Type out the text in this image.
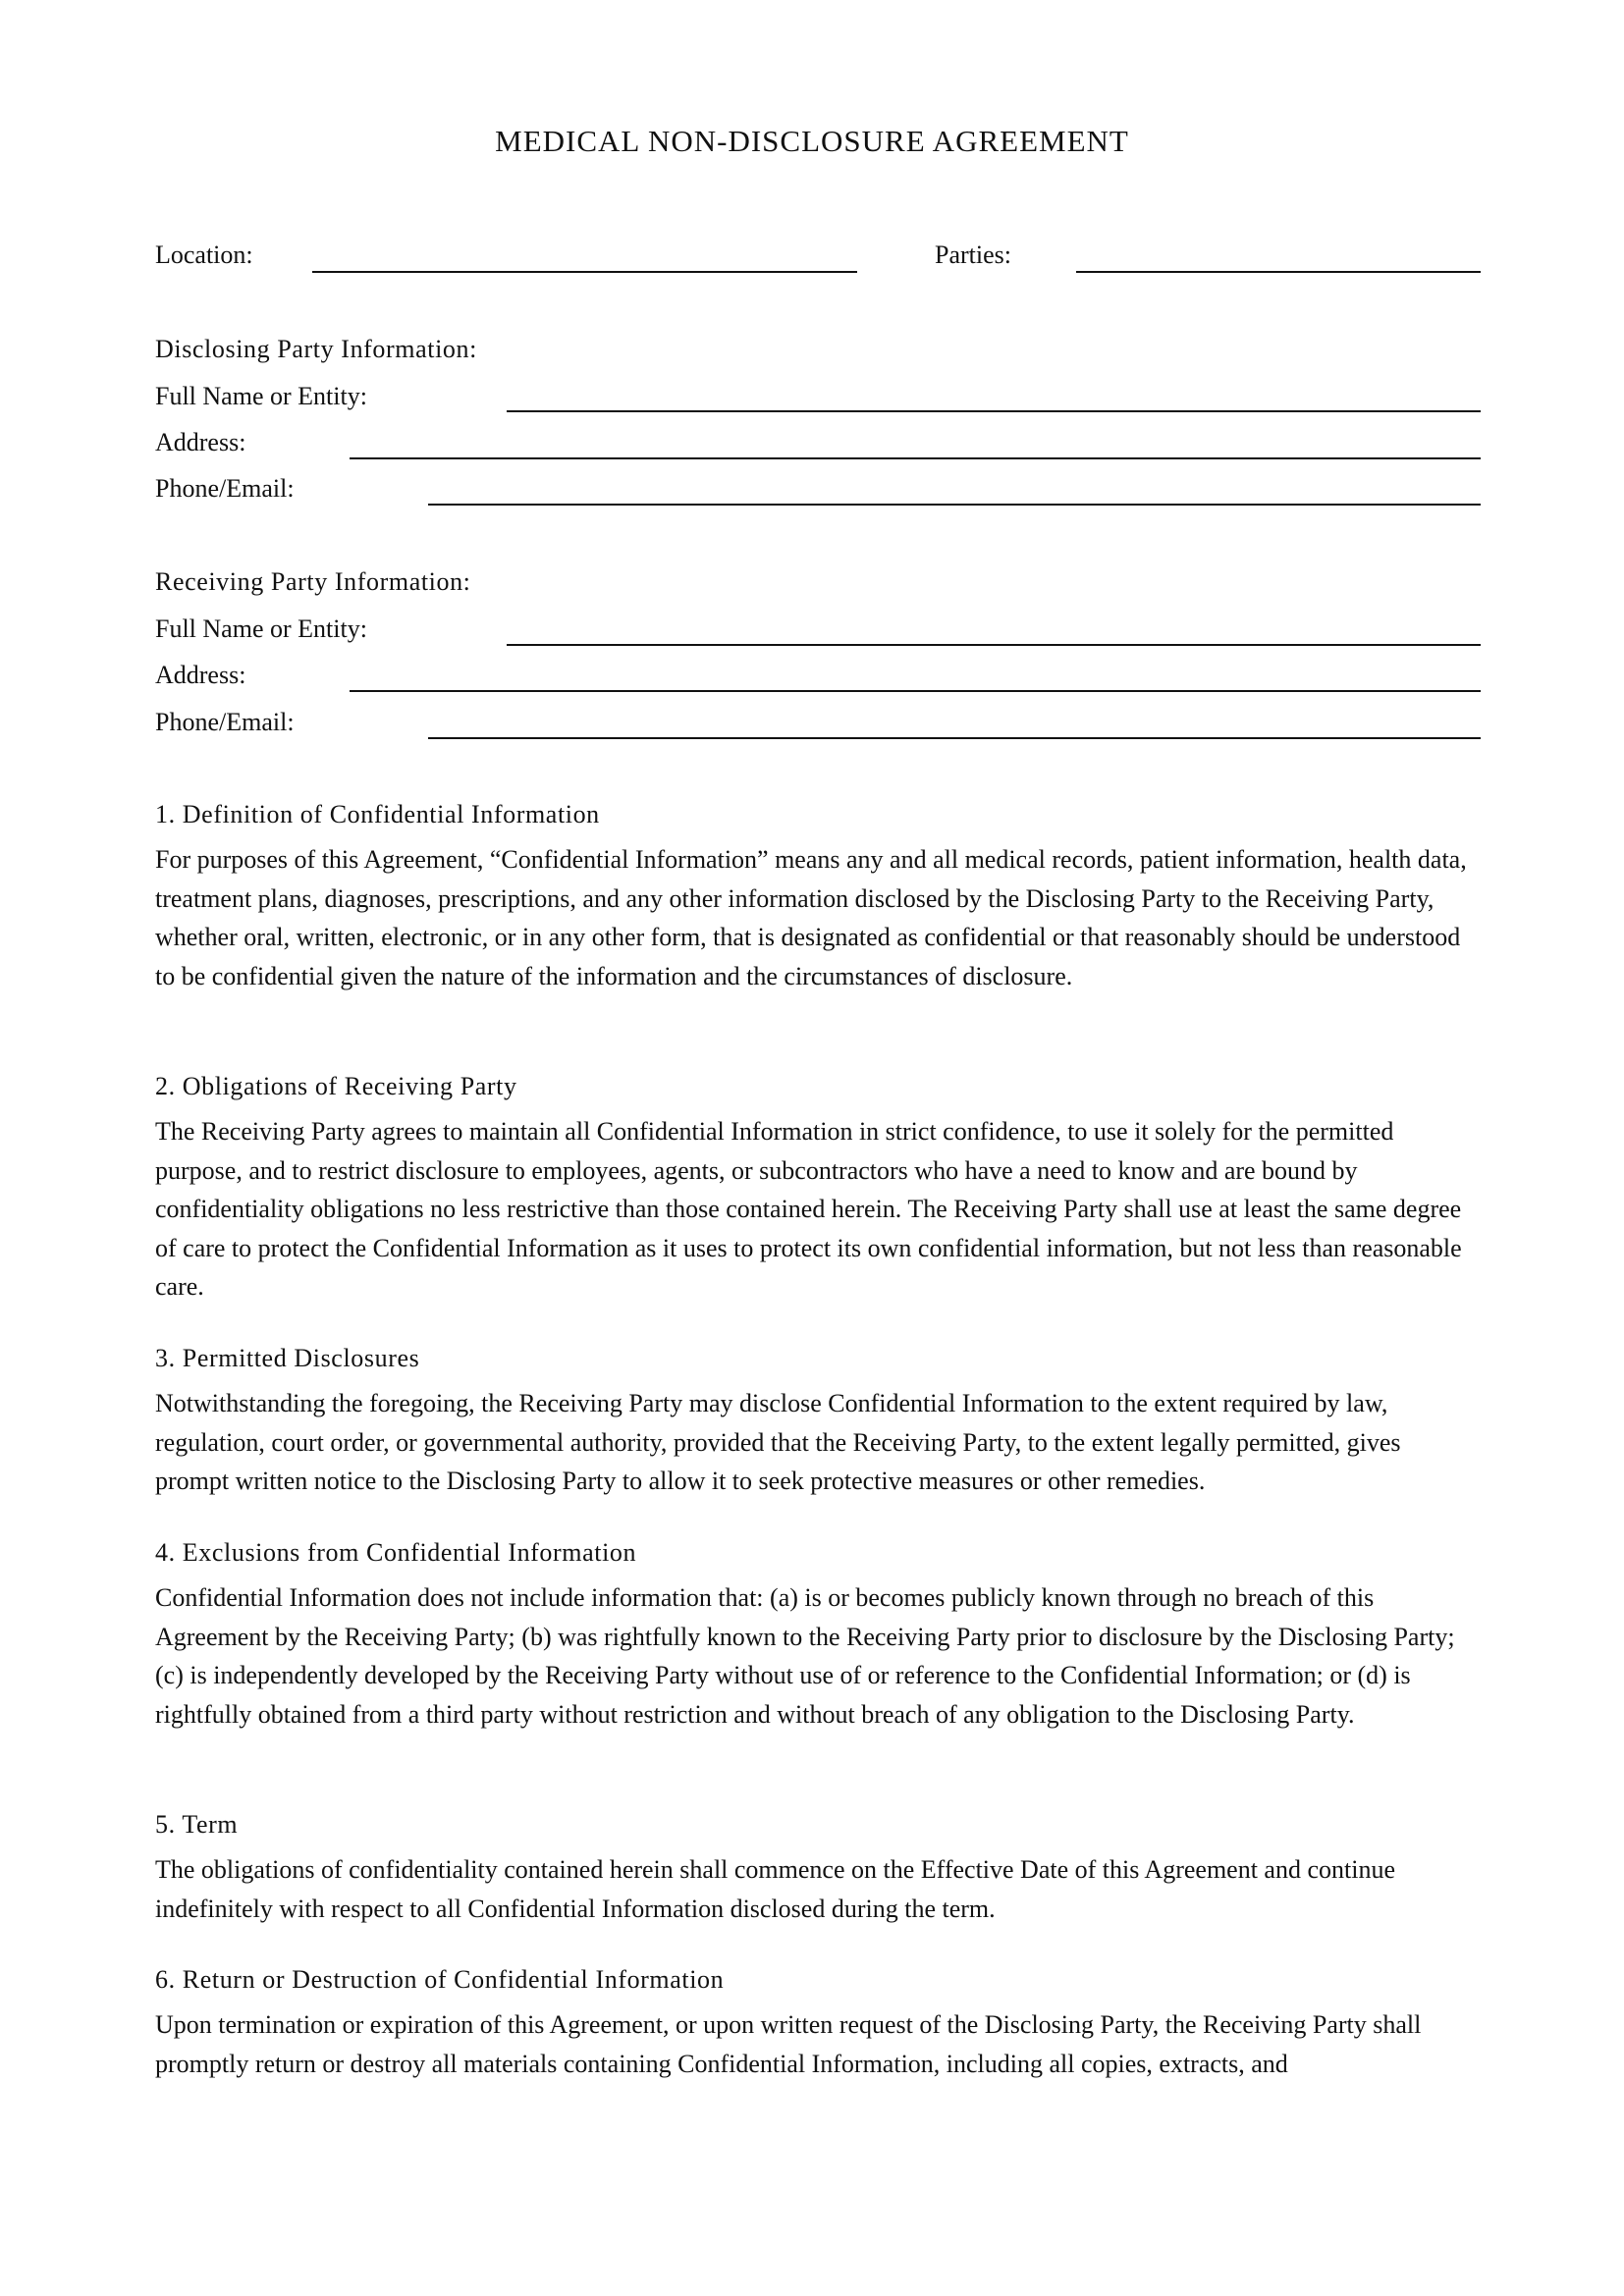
MEDICAL NON-DISCLOSURE AGREEMENT
Location:	Parties:
Disclosing Party Information:
Full Name or Entity:
Address:
Phone/Email:
Receiving Party Information:
Full Name or Entity:
Address:
Phone/Email:
1. Definition of Confidential Information

For purposes of this Agreement, “Confidential Information” means any and all medical records, patient information, health data, treatment plans, diagnoses, prescriptions, and any other information disclosed by the Disclosing Party to the Receiving Party, whether oral, written, electronic, or in any other form, that is designated as confidential or that reasonably should be understood to be confidential given the nature of the information and the circumstances of disclosure.

2. Obligations of Receiving Party

The Receiving Party agrees to maintain all Confidential Information in strict confidence, to use it solely for the permitted purpose, and to restrict disclosure to employees, agents, or subcontractors who have a need to know and are bound by confidentiality obligations no less restrictive than those contained herein. The Receiving Party shall use at least the same degree of care to protect the Confidential Information as it uses to protect its own confidential information, but not less than reasonable care.

3. Permitted Disclosures

Notwithstanding the foregoing, the Receiving Party may disclose Confidential Information to the extent required by law, regulation, court order, or governmental authority, provided that the Receiving Party, to the extent legally permitted, gives prompt written notice to the Disclosing Party to allow it to seek protective measures or other remedies.

4. Exclusions from Confidential Information

Confidential Information does not include information that: (a) is or becomes publicly known through no breach of this Agreement by the Receiving Party; (b) was rightfully known to the Receiving Party prior to disclosure by the Disclosing Party; (c) is independently developed by the Receiving Party without use of or reference to the Confidential Information; or (d) is rightfully obtained from a third party without restriction and without breach of any obligation to the Disclosing Party.

5. Term

The obligations of confidentiality contained herein shall commence on the Effective Date of this Agreement and continue indefinitely with respect to all Confidential Information disclosed during the term.

6. Return or Destruction of Confidential Information

Upon termination or expiration of this Agreement, or upon written request of the Disclosing Party, the Receiving Party shall promptly return or destroy all materials containing Confidential Information, including all copies, extracts, and
